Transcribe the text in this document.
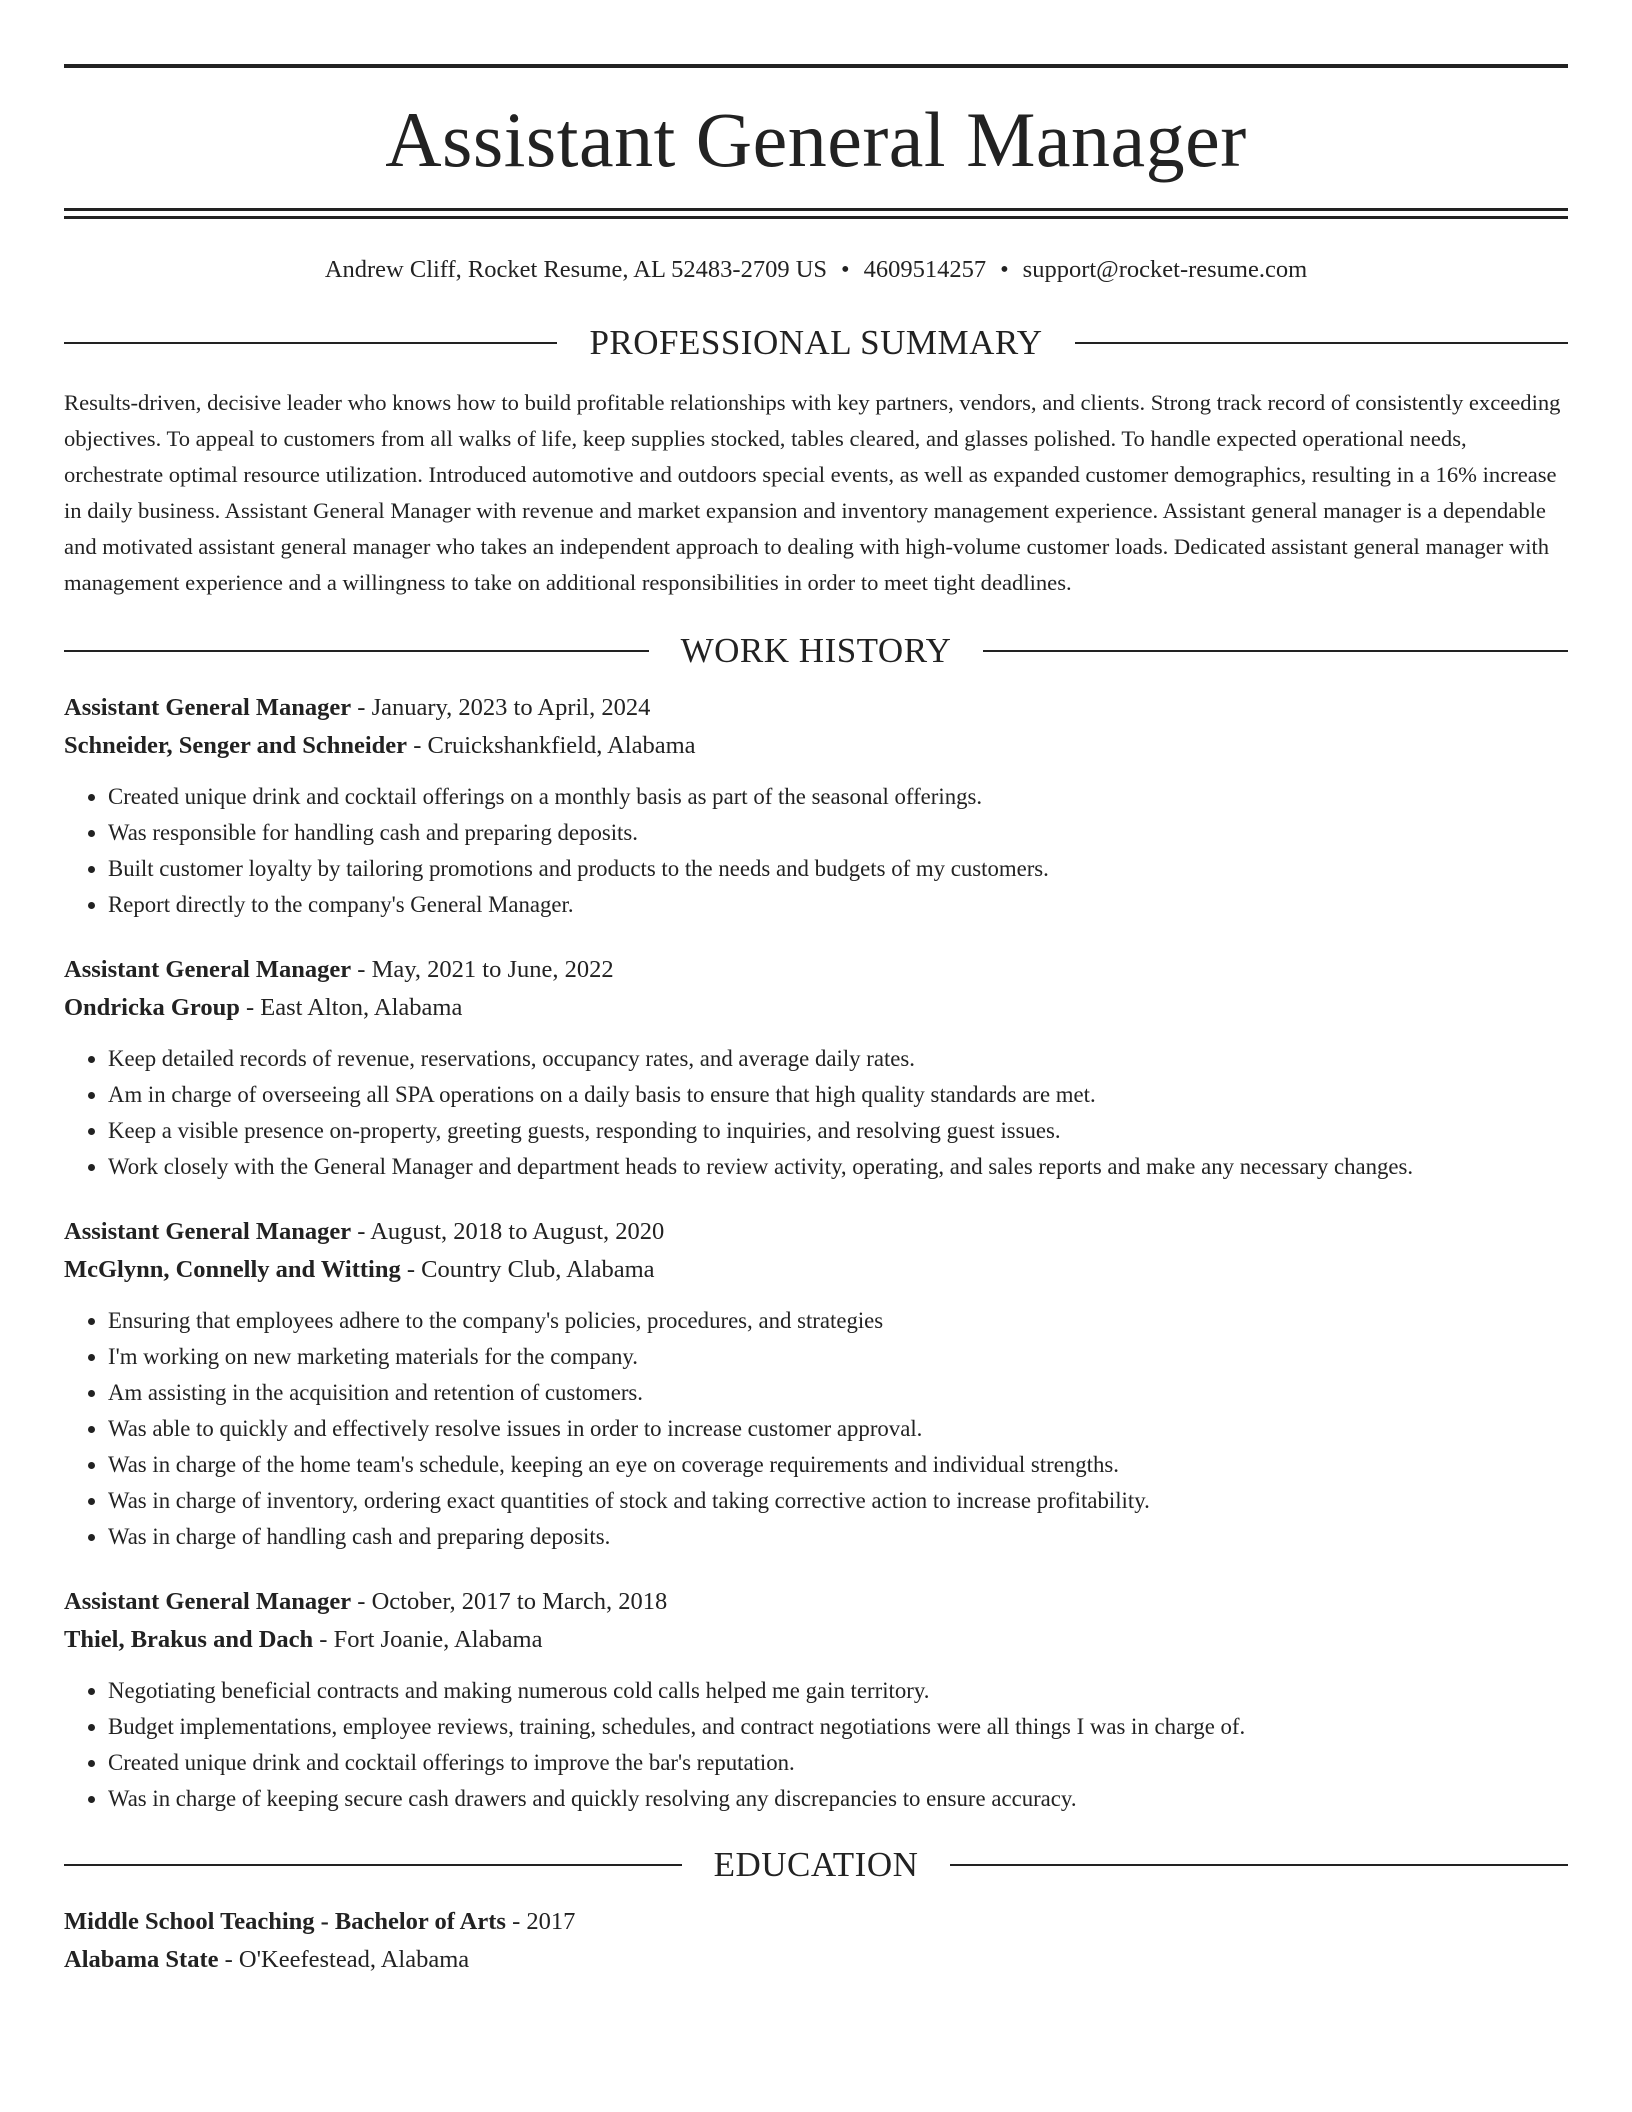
Assistant General Manager
Andrew Cliff, Rocket Resume, AL 52483-2709 US • 4609514257 • support@rocket-resume.com
PROFESSIONAL SUMMARY
Results-driven, decisive leader who knows how to build profitable relationships with key partners, vendors, and clients. Strong track record of consistently exceeding objectives. To appeal to customers from all walks of life, keep supplies stocked, tables cleared, and glasses polished. To handle expected operational needs, orchestrate optimal resource utilization. Introduced automotive and outdoors special events, as well as expanded customer demographics, resulting in a 16% increase in daily business. Assistant General Manager with revenue and market expansion and inventory management experience. Assistant general manager is a dependable and motivated assistant general manager who takes an independent approach to dealing with high-volume customer loads. Dedicated assistant general manager with management experience and a willingness to take on additional responsibilities in order to meet tight deadlines.
WORK HISTORY
Assistant General Manager - January, 2023 to April, 2024
Schneider, Senger and Schneider - Cruickshankfield, Alabama
• Created unique drink and cocktail offerings on a monthly basis as part of the seasonal offerings.
• Was responsible for handling cash and preparing deposits.
• Built customer loyalty by tailoring promotions and products to the needs and budgets of my customers.
• Report directly to the company's General Manager.
Assistant General Manager - May, 2021 to June, 2022
Ondricka Group - East Alton, Alabama
• Keep detailed records of revenue, reservations, occupancy rates, and average daily rates.
• Am in charge of overseeing all SPA operations on a daily basis to ensure that high quality standards are met.
• Keep a visible presence on-property, greeting guests, responding to inquiries, and resolving guest issues.
• Work closely with the General Manager and department heads to review activity, operating, and sales reports and make any necessary changes.
Assistant General Manager - August, 2018 to August, 2020
McGlynn, Connelly and Witting - Country Club, Alabama
• Ensuring that employees adhere to the company's policies, procedures, and strategies
• I'm working on new marketing materials for the company.
• Am assisting in the acquisition and retention of customers.
• Was able to quickly and effectively resolve issues in order to increase customer approval.
• Was in charge of the home team's schedule, keeping an eye on coverage requirements and individual strengths.
• Was in charge of inventory, ordering exact quantities of stock and taking corrective action to increase profitability.
• Was in charge of handling cash and preparing deposits.
Assistant General Manager - October, 2017 to March, 2018
Thiel, Brakus and Dach - Fort Joanie, Alabama
• Negotiating beneficial contracts and making numerous cold calls helped me gain territory.
• Budget implementations, employee reviews, training, schedules, and contract negotiations were all things I was in charge of.
• Created unique drink and cocktail offerings to improve the bar's reputation.
• Was in charge of keeping secure cash drawers and quickly resolving any discrepancies to ensure accuracy.
EDUCATION
Middle School Teaching - Bachelor of Arts - 2017
Alabama State - O'Keefestead, Alabama
